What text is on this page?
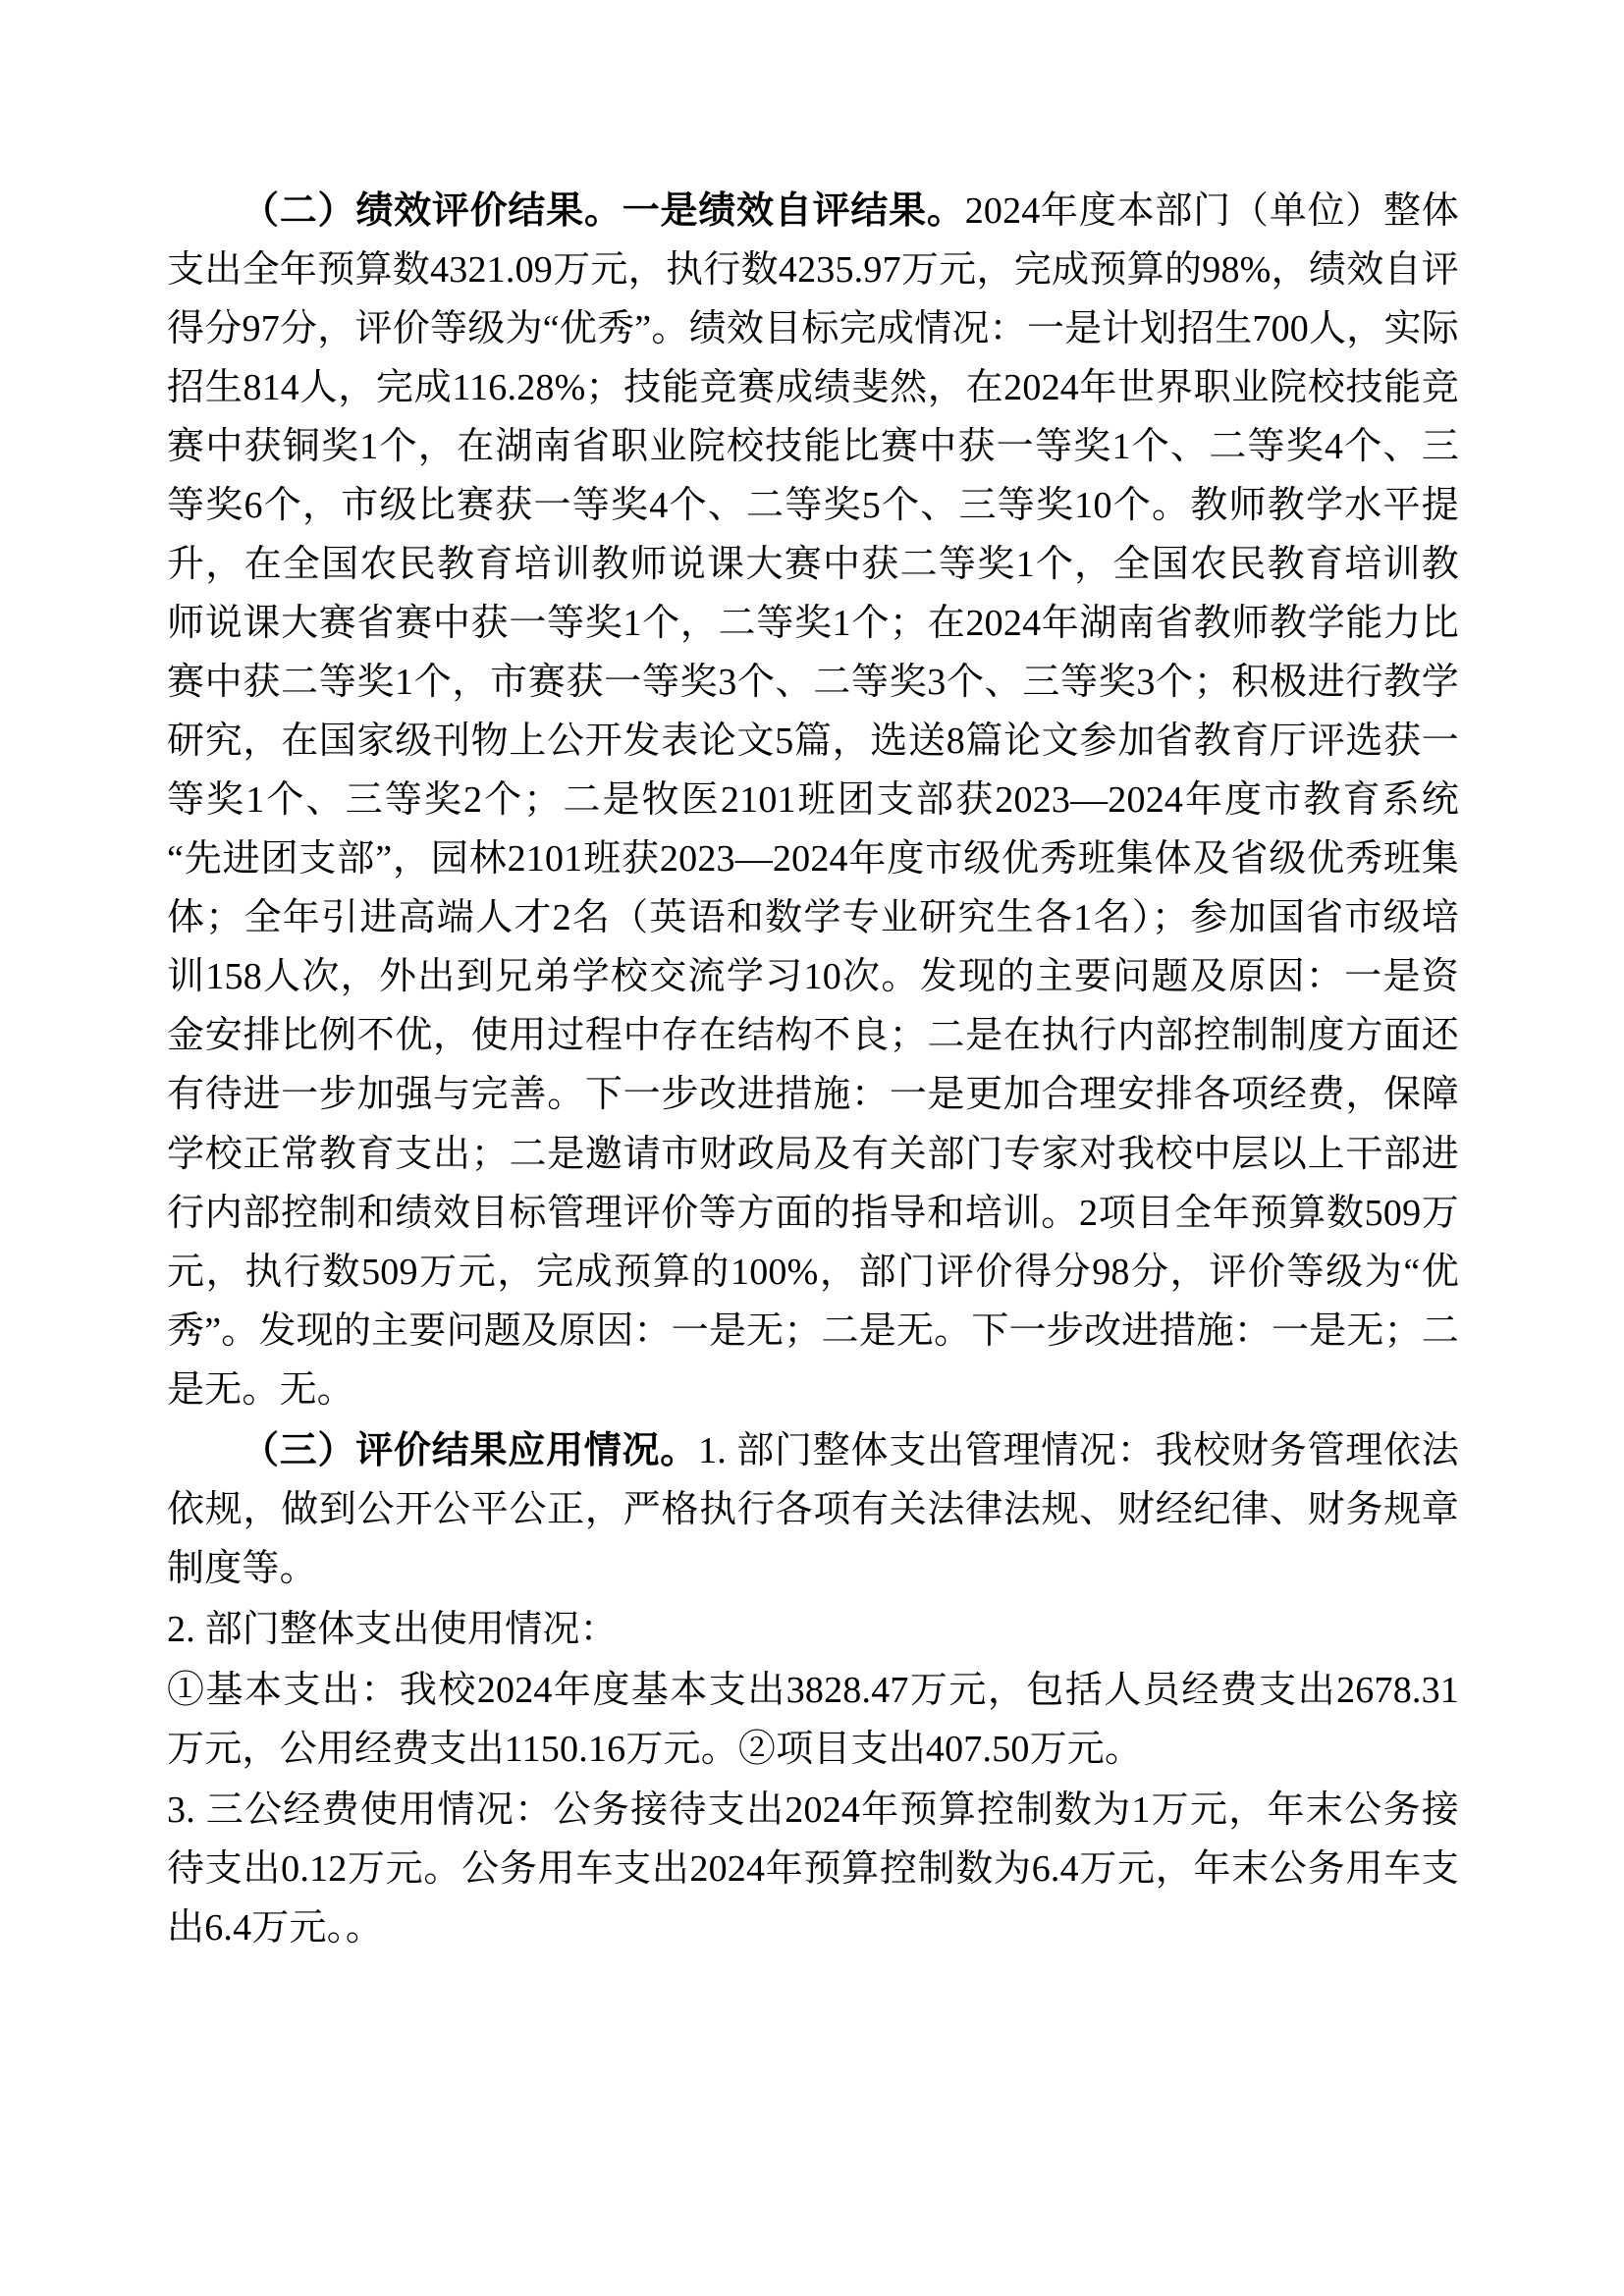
（二）绩效评价结果。一是绩效自评结果。2024年度本部门（单位）整体支出全年预算数4321.09万元，执行数4235.97万元，完成预算的98%，绩效自评得分97分，评价等级为“优秀”。绩效目标完成情况：一是计划招生700人，实际招生814人，完成116.28%；技能竞赛成绩斐然，在2024年世界职业院校技能竞赛中获铜奖1个，在湖南省职业院校技能比赛中获一等奖1个、二等奖4个、三等奖6个，市级比赛获一等奖4个、二等奖5个、三等奖10个。教师教学水平提升，在全国农民教育培训教师说课大赛中获二等奖1个，全国农民教育培训教师说课大赛省赛中获一等奖1个，二等奖1个；在2024年湖南省教师教学能力比赛中获二等奖1个，市赛获一等奖3个、二等奖3个、三等奖3个；积极进行教学研究，在国家级刊物上公开发表论文5篇，选送8篇论文参加省教育厅评选获一等奖1个、三等奖2个；二是牧医2101班团支部获2023—2024年度市教育系统“先进团支部”，园林2101班获2023—2024年度市级优秀班集体及省级优秀班集体；全年引进高端人才2名（英语和数学专业研究生各1名）；参加国省市级培训158人次，外出到兄弟学校交流学习10次。发现的主要问题及原因：一是资金安排比例不优，使用过程中存在结构不良；二是在执行内部控制制度方面还有待进一步加强与完善。下一步改进措施：一是更加合理安排各项经费，保障学校正常教育支出；二是邀请市财政局及有关部门专家对我校中层以上干部进行内部控制和绩效目标管理评价等方面的指导和培训。2项目全年预算数509万元，执行数509万元，完成预算的100%，部门评价得分98分，评价等级为“优秀”。发现的主要问题及原因：一是无；二是无。下一步改进措施：一是无；二是无。无。

（三）评价结果应用情况。1. 部门整体支出管理情况：我校财务管理依法依规，做到公开公平公正，严格执行各项有关法律法规、财经纪律、财务规章制度等。

2. 部门整体支出使用情况：

①基本支出：我校2024年度基本支出3828.47万元，包括人员经费支出2678.31万元，公用经费支出1150.16万元。②项目支出407.50万元。

3. 三公经费使用情况：公务接待支出2024年预算控制数为1万元，年末公务接待支出0.12万元。公务用车支出2024年预算控制数为6.4万元，年末公务用车支出6.4万元。。
